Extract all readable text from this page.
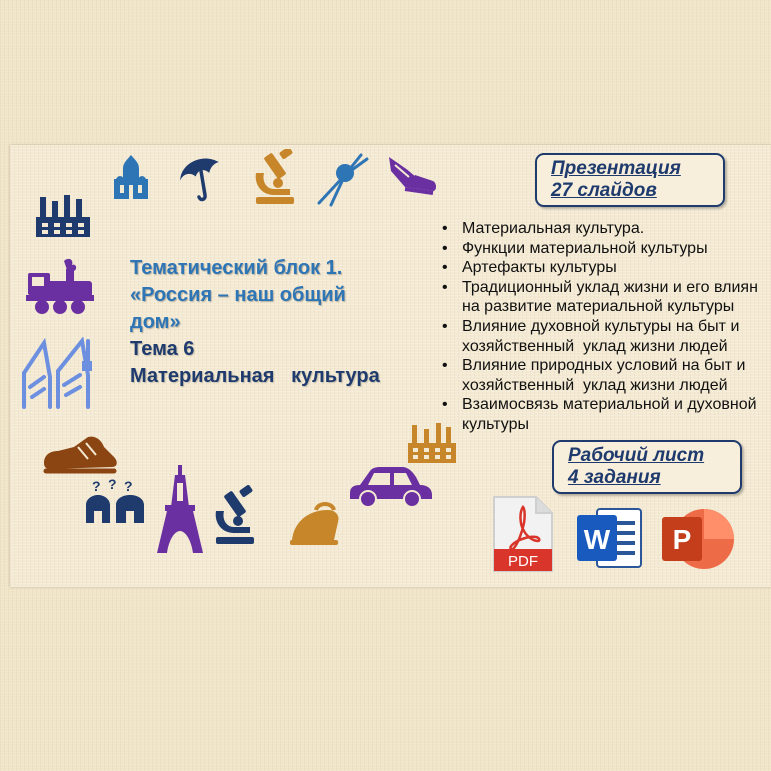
Презентация
27 слайдов
Тематический блок 1.
«Россия – наш общий
дом»
Тема 6
Материальная   культура
• Материальная культура.
• Функции материальной культуры
• Артефакты культуры
• Традиционный уклад жизни и его влиян
на развитие материальной культуры
• Влияние духовной культуры на быт и
хозяйственный  уклад жизни людей
• Влияние природных условий на быт и
хозяйственный  уклад жизни людей
• Взаимосвязь материальной и духовной
культуры
Рабочий лист
4 задания
PDF
W P
? ? ?
